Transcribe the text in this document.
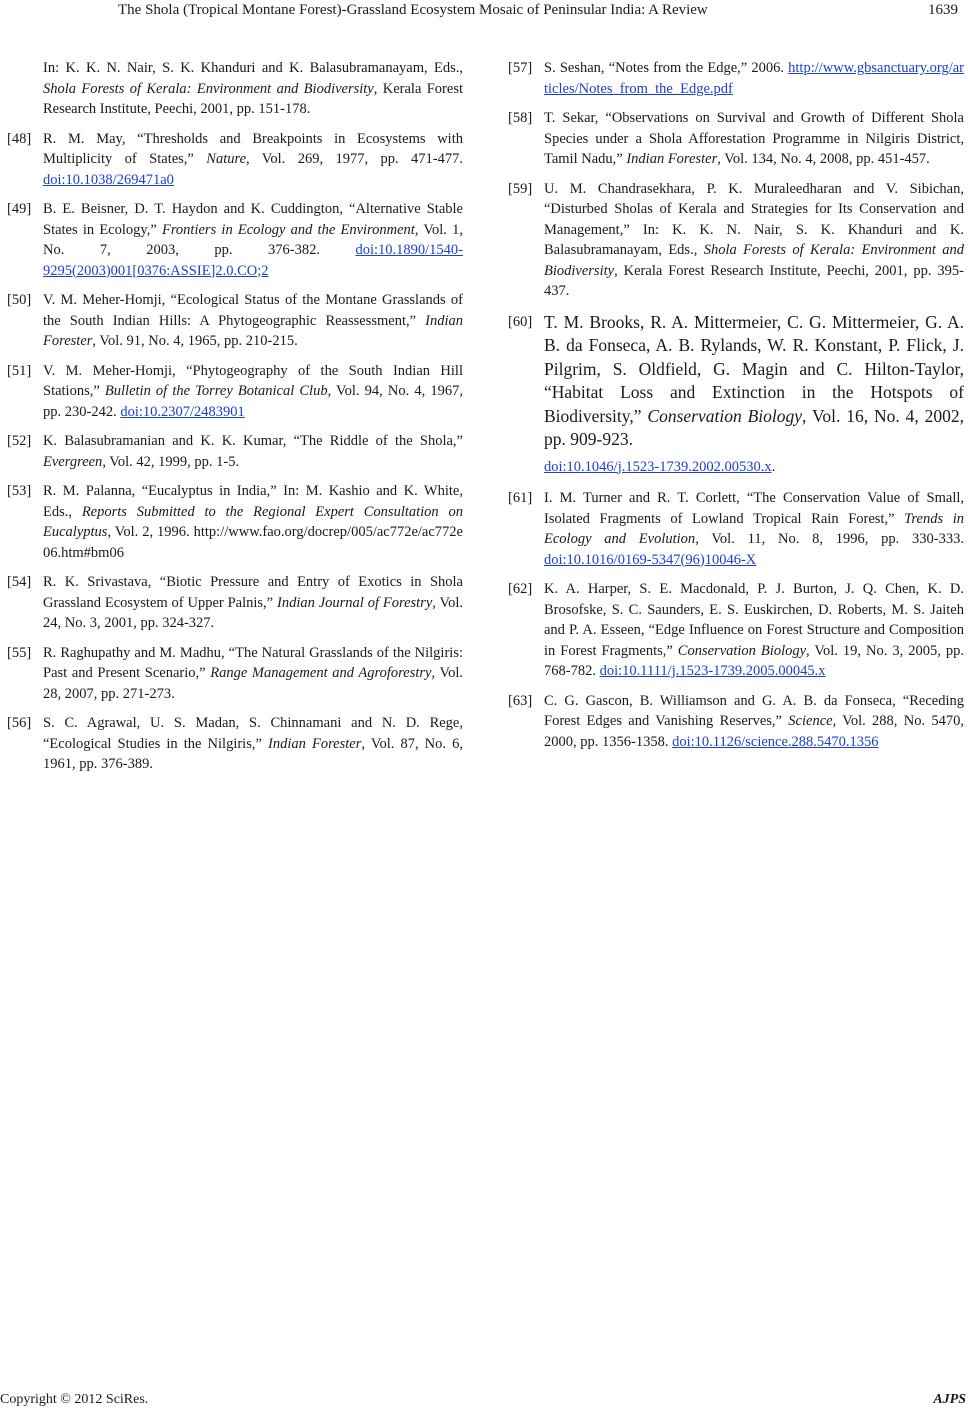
The Shola (Tropical Montane Forest)-Grassland Ecosystem Mosaic of Peninsular India: A Review	1639
In: K. K. N. Nair, S. K. Khanduri and K. Balasubramanayam, Eds., Shola Forests of Kerala: Environment and Biodiversity, Kerala Forest Research Institute, Peechi, 2001, pp. 151-178.
[48] R. M. May, “Thresholds and Breakpoints in Ecosystems with Multiplicity of States,” Nature, Vol. 269, 1977, pp. 471-477. doi:10.1038/269471a0
[49] B. E. Beisner, D. T. Haydon and K. Cuddington, “Alternative Stable States in Ecology,” Frontiers in Ecology and the Environment, Vol. 1, No. 7, 2003, pp. 376-382. doi:10.1890/1540-9295(2003)001[0376:ASSIE]2.0.CO;2
[50] V. M. Meher-Homji, “Ecological Status of the Montane Grasslands of the South Indian Hills: A Phytogeographic Reassessment,” Indian Forester, Vol. 91, No. 4, 1965, pp. 210-215.
[51] V. M. Meher-Homji, “Phytogeography of the South Indian Hill Stations,” Bulletin of the Torrey Botanical Club, Vol. 94, No. 4, 1967, pp. 230-242. doi:10.2307/2483901
[52] K. Balasubramanian and K. K. Kumar, “The Riddle of the Shola,” Evergreen, Vol. 42, 1999, pp. 1-5.
[53] R. M. Palanna, “Eucalyptus in India,” In: M. Kashio and K. White, Eds., Reports Submitted to the Regional Expert Consultation on Eucalyptus, Vol. 2, 1996. http://www.fao.org/docrep/005/ac772e/ac772e06.htm#bm06
[54] R. K. Srivastava, “Biotic Pressure and Entry of Exotics in Shola Grassland Ecosystem of Upper Palnis,” Indian Journal of Forestry, Vol. 24, No. 3, 2001, pp. 324-327.
[55] R. Raghupathy and M. Madhu, “The Natural Grasslands of the Nilgiris: Past and Present Scenario,” Range Management and Agroforestry, Vol. 28, 2007, pp. 271-273.
[56] S. C. Agrawal, U. S. Madan, S. Chinnamani and N. D. Rege, “Ecological Studies in the Nilgiris,” Indian Forester, Vol. 87, No. 6, 1961, pp. 376-389.
[57] S. Seshan, “Notes from the Edge,” 2006. http://www.gbsanctuary.org/articles/Notes_from_the_Edge.pdf
[58] T. Sekar, “Observations on Survival and Growth of Different Shola Species under a Shola Afforestation Programme in Nilgiris District, Tamil Nadu,” Indian Forester, Vol. 134, No. 4, 2008, pp. 451-457.
[59] U. M. Chandrasekhara, P. K. Muraleedharan and V. Sibichan, “Disturbed Sholas of Kerala and Strategies for Its Conservation and Management,” In: K. K. N. Nair, S. K. Khanduri and K. Balasubramanayam, Eds., Shola Forests of Kerala: Environment and Biodiversity, Kerala Forest Research Institute, Peechi, 2001, pp. 395-437.
[60] T. M. Brooks, R. A. Mittermeier, C. G. Mittermeier, G. A. B. da Fonseca, A. B. Rylands, W. R. Konstant, P. Flick, J. Pilgrim, S. Oldfield, G. Magin and C. Hilton-Taylor, “Habitat Loss and Extinction in the Hotspots of Biodiversity,” Conservation Biology, Vol. 16, No. 4, 2002, pp. 909-923.
doi:10.1046/j.1523-1739.2002.00530.x.
[61] I. M. Turner and R. T. Corlett, “The Conservation Value of Small, Isolated Fragments of Lowland Tropical Rain Forest,” Trends in Ecology and Evolution, Vol. 11, No. 8, 1996, pp. 330-333. doi:10.1016/0169-5347(96)10046-X
[62] K. A. Harper, S. E. Macdonald, P. J. Burton, J. Q. Chen, K. D. Brosofske, S. C. Saunders, E. S. Euskirchen, D. Roberts, M. S. Jaiteh and P. A. Esseen, “Edge Influence on Forest Structure and Composition in Forest Fragments,” Conservation Biology, Vol. 19, No. 3, 2005, pp. 768-782. doi:10.1111/j.1523-1739.2005.00045.x
[63] C. G. Gascon, B. Williamson and G. A. B. da Fonseca, “Receding Forest Edges and Vanishing Reserves,” Science, Vol. 288, No. 5470, 2000, pp. 1356-1358. doi:10.1126/science.288.5470.1356
Copyright © 2012 SciRes.	AJPS
